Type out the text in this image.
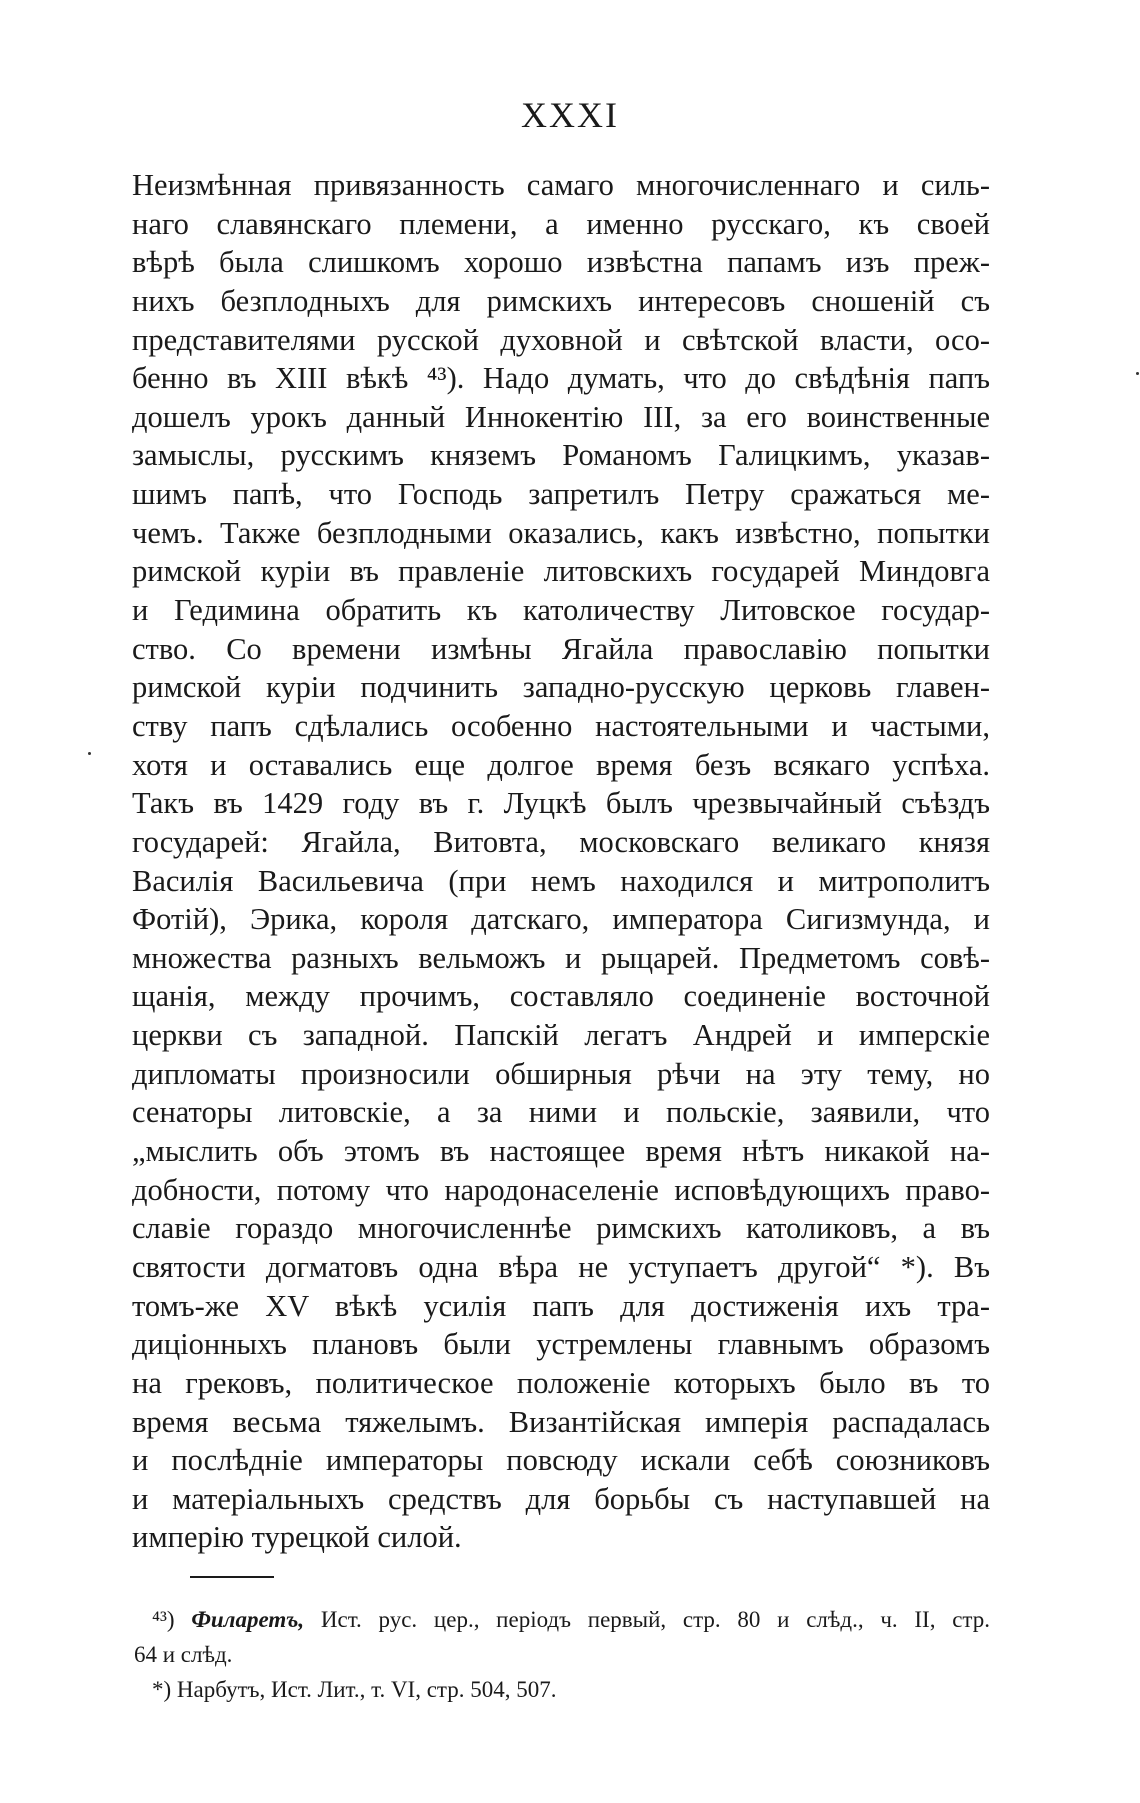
XXXI
Неизмѣнная привязанность самаго многочисленнаго и силь-
наго славянскаго племени, а именно русскаго, къ своей
вѣрѣ была слишкомъ хорошо извѣстна папамъ изъ преж-
нихъ безплодныхъ для римскихъ интересовъ сношеній съ
представителями русской духовной и свѣтской власти, осо-
бенно въ XIII вѣкѣ ⁴³). Надо думать, что до свѣдѣнія папъ
дошелъ урокъ данный Иннокентію III, за его воинственные
замыслы, русскимъ княземъ Романомъ Галицкимъ, указав-
шимъ папѣ, что Господь запретилъ Петру сражаться ме-
чемъ. Также безплодными оказались, какъ извѣстно, попытки
римской куріи въ правленіе литовскихъ государей Миндовга
и Гедимина обратить къ католичеству Литовское государ-
ство. Со времени измѣны Ягайла православію попытки
римской куріи подчинить западно-русскую церковь главен-
ству папъ сдѣлались особенно настоятельными и частыми,
хотя и оставались еще долгое время безъ всякаго успѣха.
Такъ въ 1429 году въ г. Луцкѣ былъ чрезвычайный съѣздъ
государей: Ягайла, Витовта, московскаго великаго князя
Василія Васильевича (при немъ находился и митрополитъ
Фотій), Эрика, короля датскаго, императора Сигизмунда, и
множества разныхъ вельможъ и рыцарей. Предметомъ совѣ-
щанія, между прочимъ, составляло соединеніе восточной
церкви съ западной. Папскій легатъ Андрей и имперскіе
дипломаты произносили обширныя рѣчи на эту тему, но
сенаторы литовскіе, а за ними и польскіе, заявили, что
„мыслить объ этомъ въ настоящее время нѣтъ никакой на-
добности, потому что народонаселеніе исповѣдующихъ право-
славіе гораздо многочисленнѣе римскихъ католиковъ, а въ
святости догматовъ одна вѣра не уступаетъ другой“ *). Въ
томъ-же XV вѣкѣ усилія папъ для достиженія ихъ тра-
диціонныхъ плановъ были устремлены главнымъ образомъ
на грековъ, политическое положеніе которыхъ было въ то
время весьма тяжелымъ. Византійская имперія распадалась
и послѣдніе императоры повсюду искали себѣ союзниковъ
и матеріальныхъ средствъ для борьбы съ наступавшей на
имперію турецкой силой.
⁴³) Филаретъ, Ист. рус. цер., періодъ первый, стр. 80 и слѣд., ч. II, стр.
64 и слѣд.
*) Нарбутъ, Ист. Лит., т. VI, стр. 504, 507.
